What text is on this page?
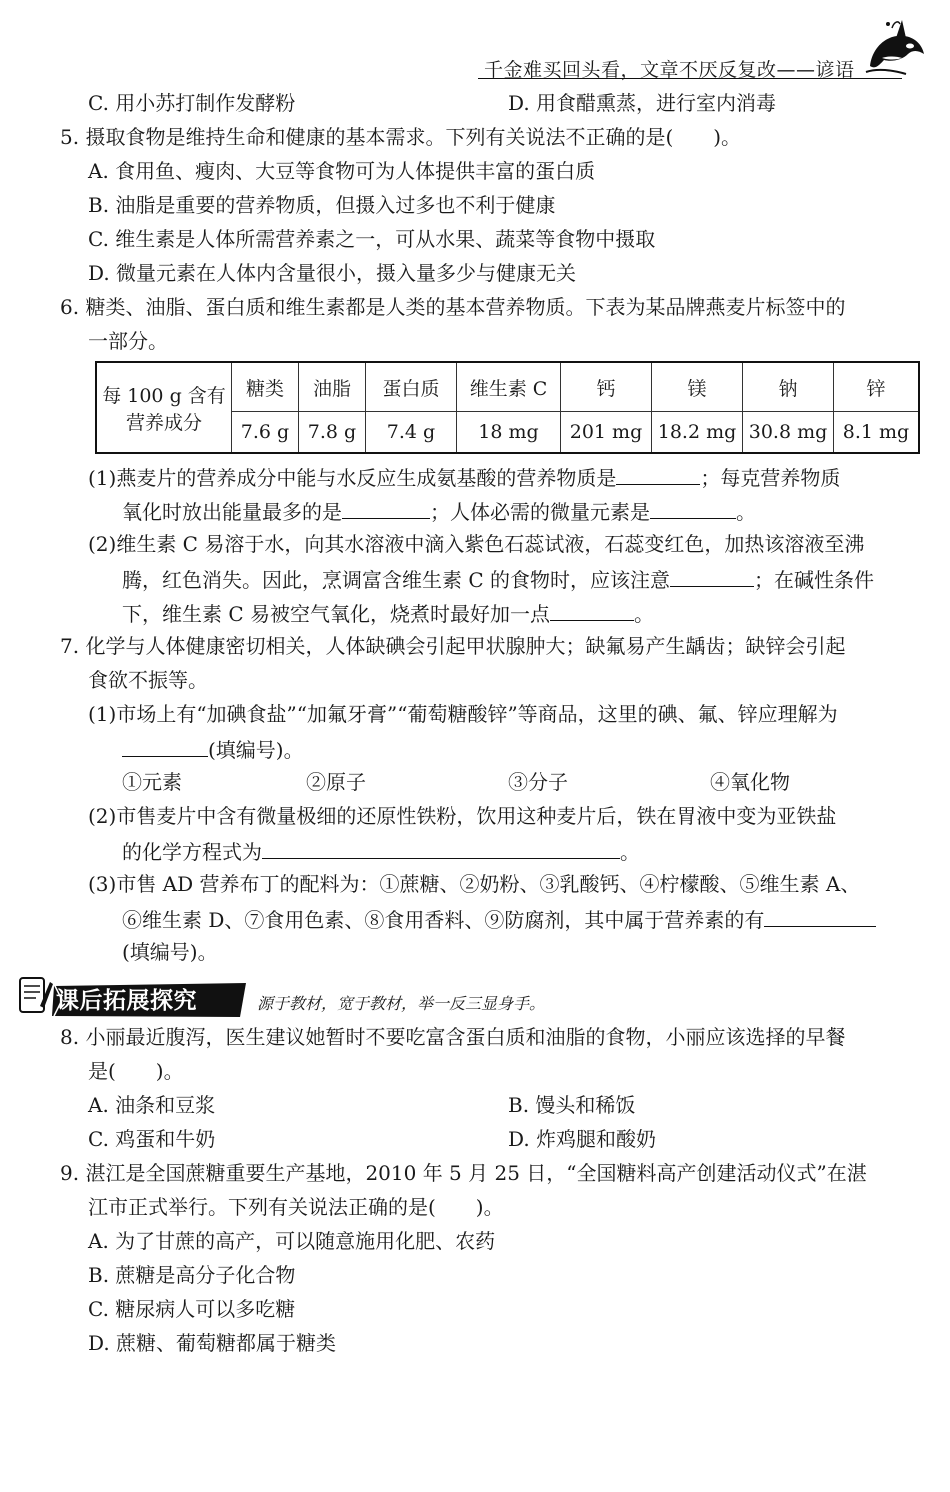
千金难买回头看，文章不厌反复改——谚语
C. 用小苏打制作发酵粉	D. 用食醋熏蒸，进行室内消毒
5. 摄取食物是维持生命和健康的基本需求。下列有关说法不正确的是(　　)。
A. 食用鱼、瘦肉、大豆等食物可为人体提供丰富的蛋白质
B. 油脂是重要的营养物质，但摄入过多也不利于健康
C. 维生素是人体所需营养素之一，可从水果、蔬菜等食物中摄取
D. 微量元素在人体内含量很小，摄入量多少与健康无关
6. 糖类、油脂、蛋白质和维生素都是人类的基本营养物质。下表为某品牌燕麦片标签中的
一部分。
每 100 g 含有
营养成分	糖类	油脂	蛋白质	维生素 C	钙	镁	钠	锌
	7.6 g	7.8 g	7.4 g	18 mg	201 mg	18.2 mg	30.8 mg	8.1 mg
(1)燕麦片的营养成分中能与水反应生成氨基酸的营养物质是	；每克营养物质
氧化时放出能量最多的是	；人体必需的微量元素是	。
(2)维生素 C 易溶于水，向其水溶液中滴入紫色石蕊试液，石蕊变红色，加热该溶液至沸
腾，红色消失。因此，烹调富含维生素 C 的食物时，应该注意	；在碱性条件
下，维生素 C 易被空气氧化，烧煮时最好加一点	。
7. 化学与人体健康密切相关，人体缺碘会引起甲状腺肿大；缺氟易产生龋齿；缺锌会引起
食欲不振等。
(1)市场上有“加碘食盐”“加氟牙膏”“葡萄糖酸锌”等商品，这里的碘、氟、锌应理解为
(填编号)。
①元素	②原子	③分子	④氧化物
(2)市售麦片中含有微量极细的还原性铁粉，饮用这种麦片后，铁在胃液中变为亚铁盐
的化学方程式为	。
(3)市售 AD 营养布丁的配料为：①蔗糖、②奶粉、③乳酸钙、④柠檬酸、⑤维生素 A、
⑥维生素 D、⑦食用色素、⑧食用香料、⑨防腐剂，其中属于营养素的有
(填编号)。
课后拓展探究	源于教材，宽于教材，举一反三显身手。
8. 小丽最近腹泻，医生建议她暂时不要吃富含蛋白质和油脂的食物，小丽应该选择的早餐
是(　　)。
A. 油条和豆浆	B. 馒头和稀饭
C. 鸡蛋和牛奶	D. 炸鸡腿和酸奶
9. 湛江是全国蔗糖重要生产基地，2010 年 5 月 25 日，“全国糖料高产创建活动仪式”在湛
江市正式举行。下列有关说法正确的是(　　)。
A. 为了甘蔗的高产，可以随意施用化肥、农药
B. 蔗糖是高分子化合物
C. 糖尿病人可以多吃糖
D. 蔗糖、葡萄糖都属于糖类
